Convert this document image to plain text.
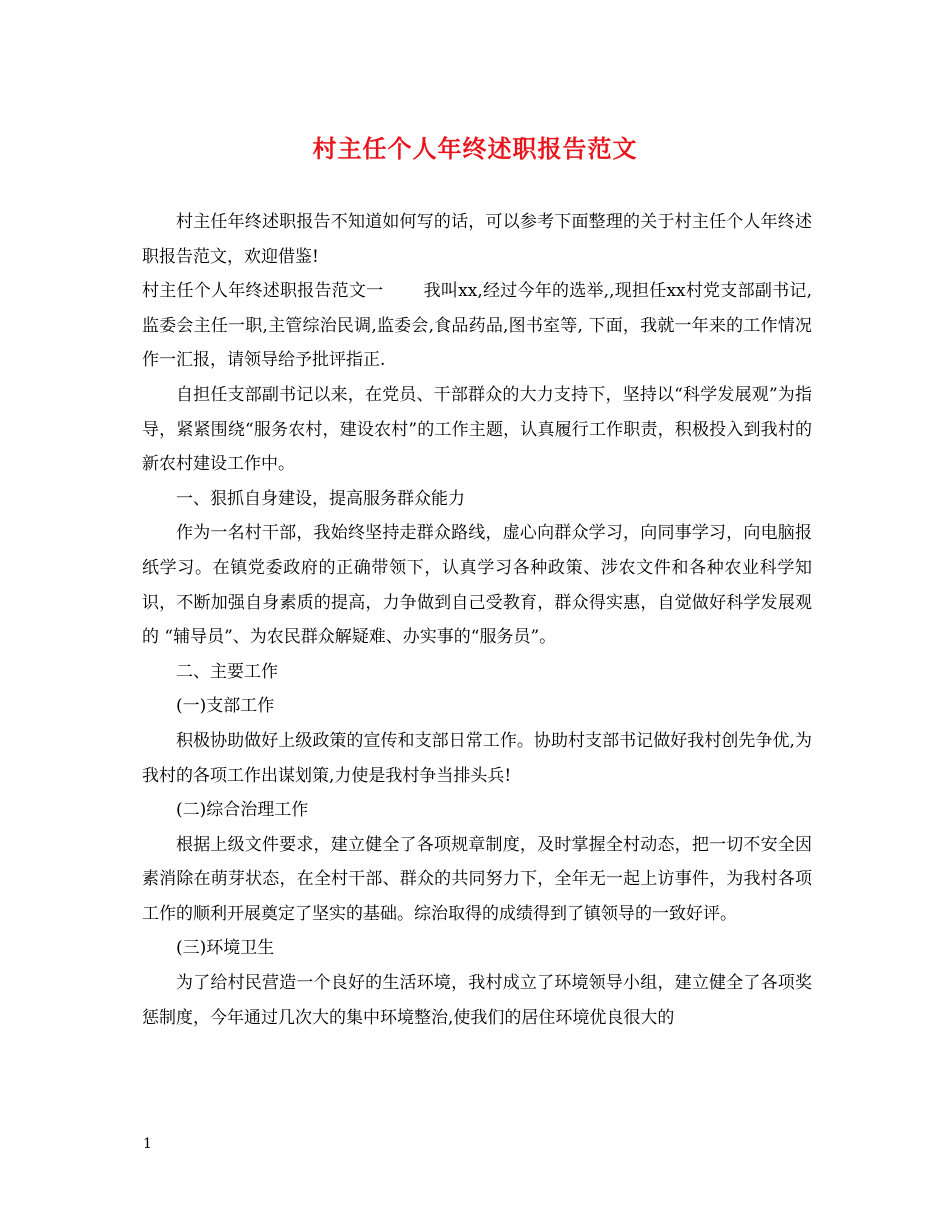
村主任个人年终述职报告范文

村主任年终述职报告不知道如何写的话，可以参考下面整理的关于村主任个人年终述职报告范文，欢迎借鉴!

村主任个人年终述职报告范文一 我叫xx,经过今年的选举,,现担任xx村党支部副书记,监委会主任一职,主管综治民调,监委会,食品药品,图书室等, 下面，我就一年来的工作情况作一汇报，请领导给予批评指正.

自担任支部副书记以来，在党员、干部群众的大力支持下，坚持以“科学发展观”为指导，紧紧围绕“服务农村，建设农村”的工作主题，认真履行工作职责，积极投入到我村的新农村建设工作中。

一、狠抓自身建设，提高服务群众能力

作为一名村干部，我始终坚持走群众路线，虚心向群众学习，向同事学习，向电脑报纸学习。在镇党委政府的正确带领下，认真学习各种政策、涉农文件和各种农业科学知识，不断加强自身素质的提高，力争做到自己受教育，群众得实惠，自觉做好科学发展观的 “辅导员”、为农民群众解疑难、办实事的“服务员”。

二、主要工作

(一)支部工作

积极协助做好上级政策的宣传和支部日常工作。协助村支部书记做好我村创先争优,为我村的各项工作出谋划策,力使是我村争当排头兵!

(二)综合治理工作

根据上级文件要求，建立健全了各项规章制度，及时掌握全村动态，把一切不安全因素消除在萌芽状态，在全村干部、群众的共同努力下，全年无一起上访事件，为我村各项工作的顺利开展奠定了坚实的基础。综治取得的成绩得到了镇领导的一致好评。

(三)环境卫生

为了给村民营造一个良好的生活环境，我村成立了环境领导小组，建立健全了各项奖惩制度，今年通过几次大的集中环境整治,使我们的居住环境优良很大的

1
